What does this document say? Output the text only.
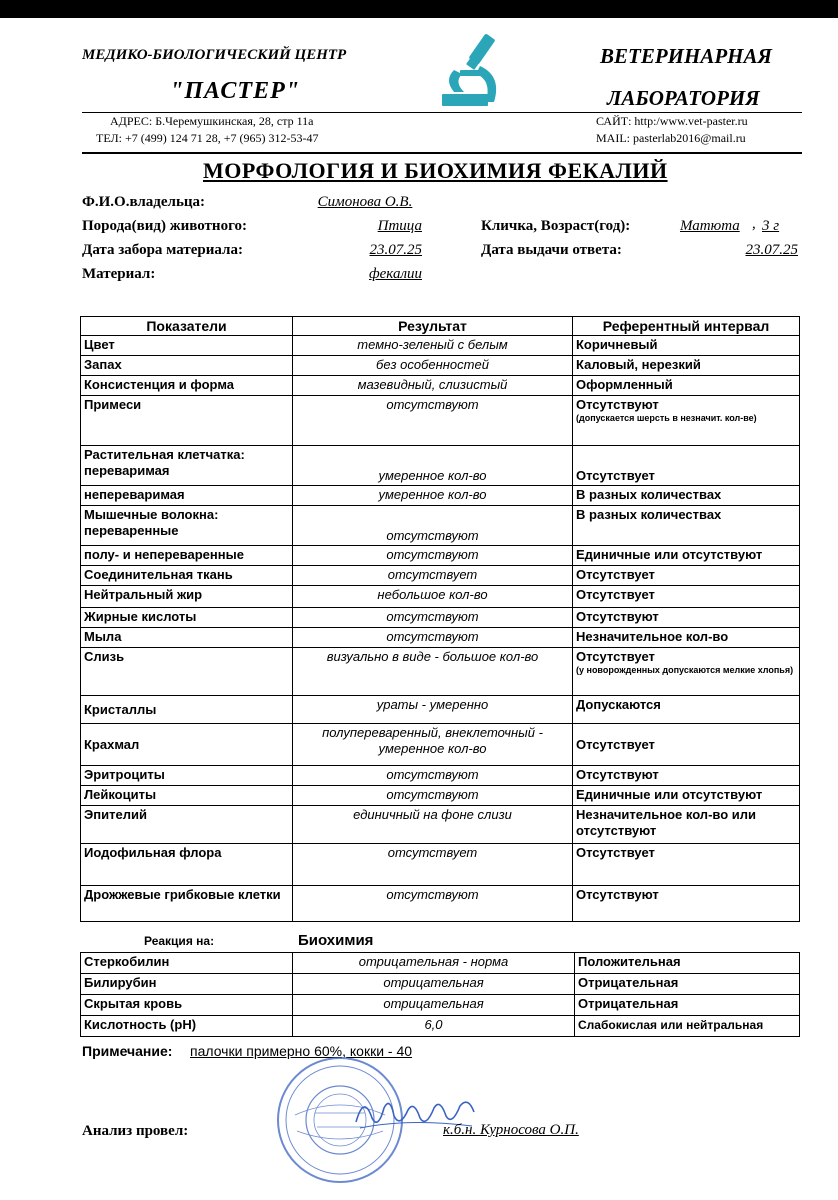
МЕДИКО-БИОЛОГИЧЕСКИЙ ЦЕНТР
"ПАСТЕР"
ВЕТЕРИНАРНАЯ
ЛАБОРАТОРИЯ
АДРЕС: Б.Черемушкинская, 28, стр 11а
ТЕЛ: +7 (499) 124 71 28, +7 (965) 312-53-47
САЙТ: http:/www.vet-paster.ru
MAIL: pasterlab2016@mail.ru
МОРФОЛОГИЯ И БИОХИМИЯ ФЕКАЛИЙ
Ф.И.О.владельца:	Симонова О.В.
Порода(вид) животного:	Птица	Кличка, Возраст(год):	Матюта 3 г
,
Дата забора материала:	23.07.25	Дата выдачи ответа:	23.07.25
Материал:	фекалии
Показатели	Результат	Референтный интервал
Цвет	темно-зеленый с белым	Коричневый
Запах	без особенностей	Каловый, нерезкий
Консистенция и форма	мазевидный, слизистый	Оформленный
Примеси	отсутствуют	Отсутствуют
(допускается шерсть в незначит. кол-ве)

Растительная клетчатка:
переваримая	умеренное кол-во	Отсутствует
непереваримая	умеренное кол-во	В разных количествах

Мышечные волокна:
переваренные	отсутствуют	В разных количествах
полу- и непереваренные	отсутствуют	Единичные или отсутствуют
Соединительная ткань	отсутствует	Отсутствует
Нейтральный жир	небольшое кол-во	Отсутствует
Жирные кислоты	отсутствуют	Отсутствуют
Мыла	отсутствуют	Незначительное кол-во
Слизь	визуально в виде - большое кол-во	Отсутствует
(у новорожденных допускаются мелкие хлопья)

Кристаллы	ураты - умеренно	Допускаются
Крахмал	полупереваренный, внеклеточный - умеренное кол-во	Отсутствует
Эритроциты	отсутствуют	Отсутствуют
Лейкоциты	отсутствуют	Единичные или отсутствуют
Эпителий	единичный на фоне слизи	Незначительное кол-во или отсутствуют
Иодофильная флора	отсутствует	Отсутствует
Дрожжевые грибковые клетки	отсутствуют	Отсутствуют
Реакция на:	Биохимия
Стеркобилин	отрицательная - норма	Положительная
Билирубин	отрицательная	Отрицательная
Скрытая кровь	отрицательная	Отрицательная
Кислотность (рН)	6,0	Слабокислая или нейтральная
Примечание: палочки примерно 60%, кокки - 40
Анализ провел:	к.б.н. Курносова О.П.
